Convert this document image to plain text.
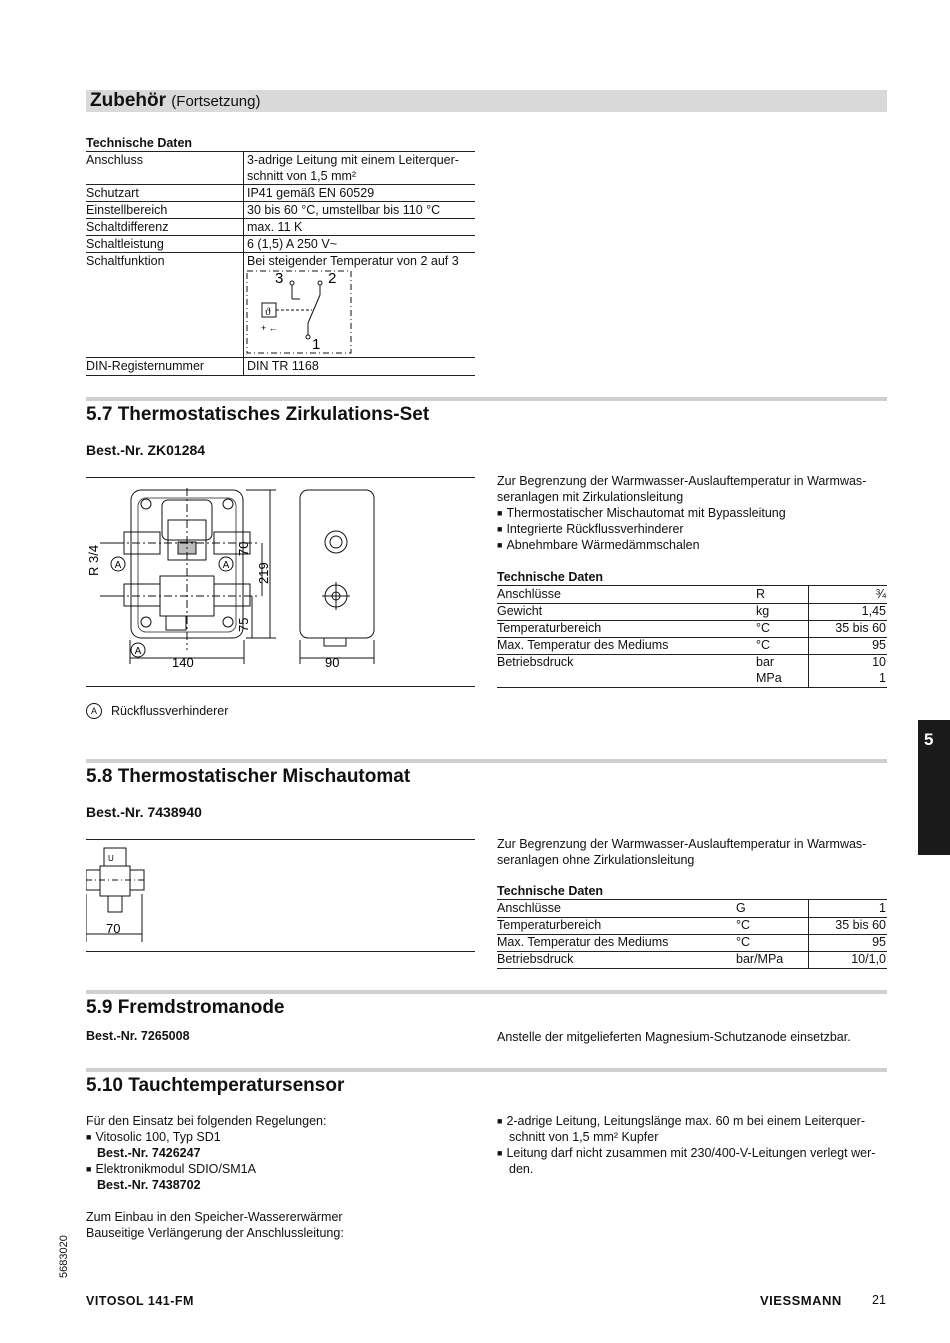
Zubehör (Fortsetzung)
Technische Daten
Anschluss	3-adrige Leitung mit einem Leiterquer-
schnitt von 1,5 mm²
Schutzart	IP41 gemäß EN 60529
Einstellbereich	30 bis 60 °C, umstellbar bis 110 °C
Schaltdifferenz	max. 11 K
Schaltleistung	6 (1,5) A 250 V~
Schaltfunktion	Bei steigender Temperatur von 2 auf 3
3	2
1
ϑ
+ ←
DIN-Registernummer	DIN TR 1168
5.7 Thermostatisches Zirkulations-Set
Best.-Nr. ZK01284
A	A
A
R 3/4	70
219
75
140	90
A	Rückflussverhinderer
Zur Begrenzung der Warmwasser-Auslauftemperatur in Warmwas-
seranlagen mit Zirkulationsleitung
■ Thermostatischer Mischautomat mit Bypassleitung
■ Integrierte Rückflussverhinderer
■ Abnehmbare Wärmedämmschalen
Technische Daten
Anschlüsse	R	¾
Gewicht	kg	1,45
Temperaturbereich	°C	35 bis 60
Max. Temperatur des Mediums	°C	95
Betriebsdruck	bar	10
MPa	1
5
5.8 Thermostatischer Mischautomat
Best.-Nr. 7438940
U
70
Zur Begrenzung der Warmwasser-Auslauftemperatur in Warmwas-
seranlagen ohne Zirkulationsleitung
Technische Daten
Anschlüsse	G	1
Temperaturbereich	°C	35 bis 60
Max. Temperatur des Mediums	°C	95
Betriebsdruck	bar/MPa	10/1,0
5.9 Fremdstromanode
Best.-Nr. 7265008	Anstelle der mitgelieferten Magnesium-Schutzanode einsetzbar.
5.10 Tauchtemperatursensor
Für den Einsatz bei folgenden Regelungen:
■ Vitosolic 100, Typ SD1
Best.-Nr. 7426247
■ Elektronikmodul SDIO/SM1A
Best.-Nr. 7438702
Zum Einbau in den Speicher-Wassererwärmer
Bauseitige Verlängerung der Anschlussleitung:
■ 2-adrige Leitung, Leitungslänge max. 60 m bei einem Leiterquer-
schnitt von 1,5 mm² Kupfer
■ Leitung darf nicht zusammen mit 230/400-V-Leitungen verlegt wer-
den.
5683020
VITOSOL 141-FM	VIESSMANN 21
